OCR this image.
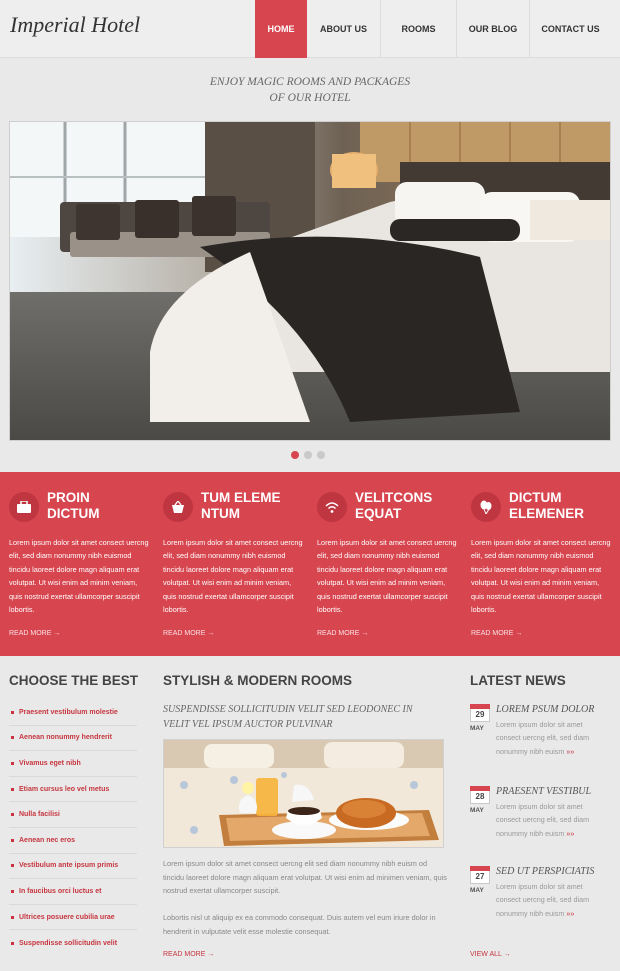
Imperial Hotel	HOME	ABOUT US	ROOMS	OUR BLOG	CONTACT US
ENJOY MAGIC ROOMS AND PACKAGES
OF OUR HOTEL
PROIN
DICTUM
Lorem ipsum dolor sit amet consect uercng elit, sed diam nonummy nibh euismod tincidu laoreet dolore magn aliquam erat volutpat. Ut wisi enim ad minim veniam, quis nostrud exertat ullamcorper suscipit lobortis.
READ MORE →
TUM ELEME
NTUM
Lorem ipsum dolor sit amet consect uercng elit, sed diam nonummy nibh euismod tincidu laoreet dolore magn aliquam erat volutpat. Ut wisi enim ad minim veniam, quis nostrud exertat ullamcorper suscipit lobortis.
READ MORE →
VELITCONS
EQUAT
Lorem ipsum dolor sit amet consect uercng elit, sed diam nonummy nibh euismod tincidu laoreet dolore magn aliquam erat volutpat. Ut wisi enim ad minim veniam, quis nostrud exertat ullamcorper suscipit lobortis.
READ MORE →
DICTUM
ELEMENER
Lorem ipsum dolor sit amet consect uercng elit, sed diam nonummy nibh euismod tincidu laoreet dolore magn aliquam erat volutpat. Ut wisi enim ad minim veniam, quis nostrud exertat ullamcorper suscipit lobortis.
READ MORE →
CHOOSE THE BEST
Praesent vestibulum molestie
Aenean nonummy hendrerit
Vivamus eget nibh
Etiam cursus leo vel metus
Nulla facilisi
Aenean nec eros
Vestibulum ante ipsum primis
In faucibus orci luctus et
Ultrices posuere cubilia urae
Suspendisse sollicitudin velit
STYLISH & MODERN ROOMS
SUSPENDISSE SOLLICITUDIN VELIT SED LEODONEC IN
VELIT VEL IPSUM AUCTOR PULVINAR
Lorem ipsum dolor sit amet consect uercng elit sed diam nonummy nibh euism od tincidu laoreet dolore magn aliquam erat volutpat. Ut wisi enim ad minimen veniam, quis nostrud exertat ullamcorper suscipit.
Lobortis nisl ut aliquip ex ea commodo consequat. Duis autem vel eum iriure dolor in hendrerit in vulputate velit esse molestie consequat.
READ MORE →
LATEST NEWS
29
MAY
LOREM PSUM DOLOR
Lorem ipsum dolor sit amet consect uercng elit, sed diam nonummy nibh euism »»
28
MAY
PRAESENT VESTIBUL
Lorem ipsum dolor sit amet consect uercng elit, sed diam nonummy nibh euism »»
27
MAY
SED UT PERSPICIATIS
Lorem ipsum dolor sit amet consect uercng elit, sed diam nonummy nibh euism »»
VIEW ALL →
